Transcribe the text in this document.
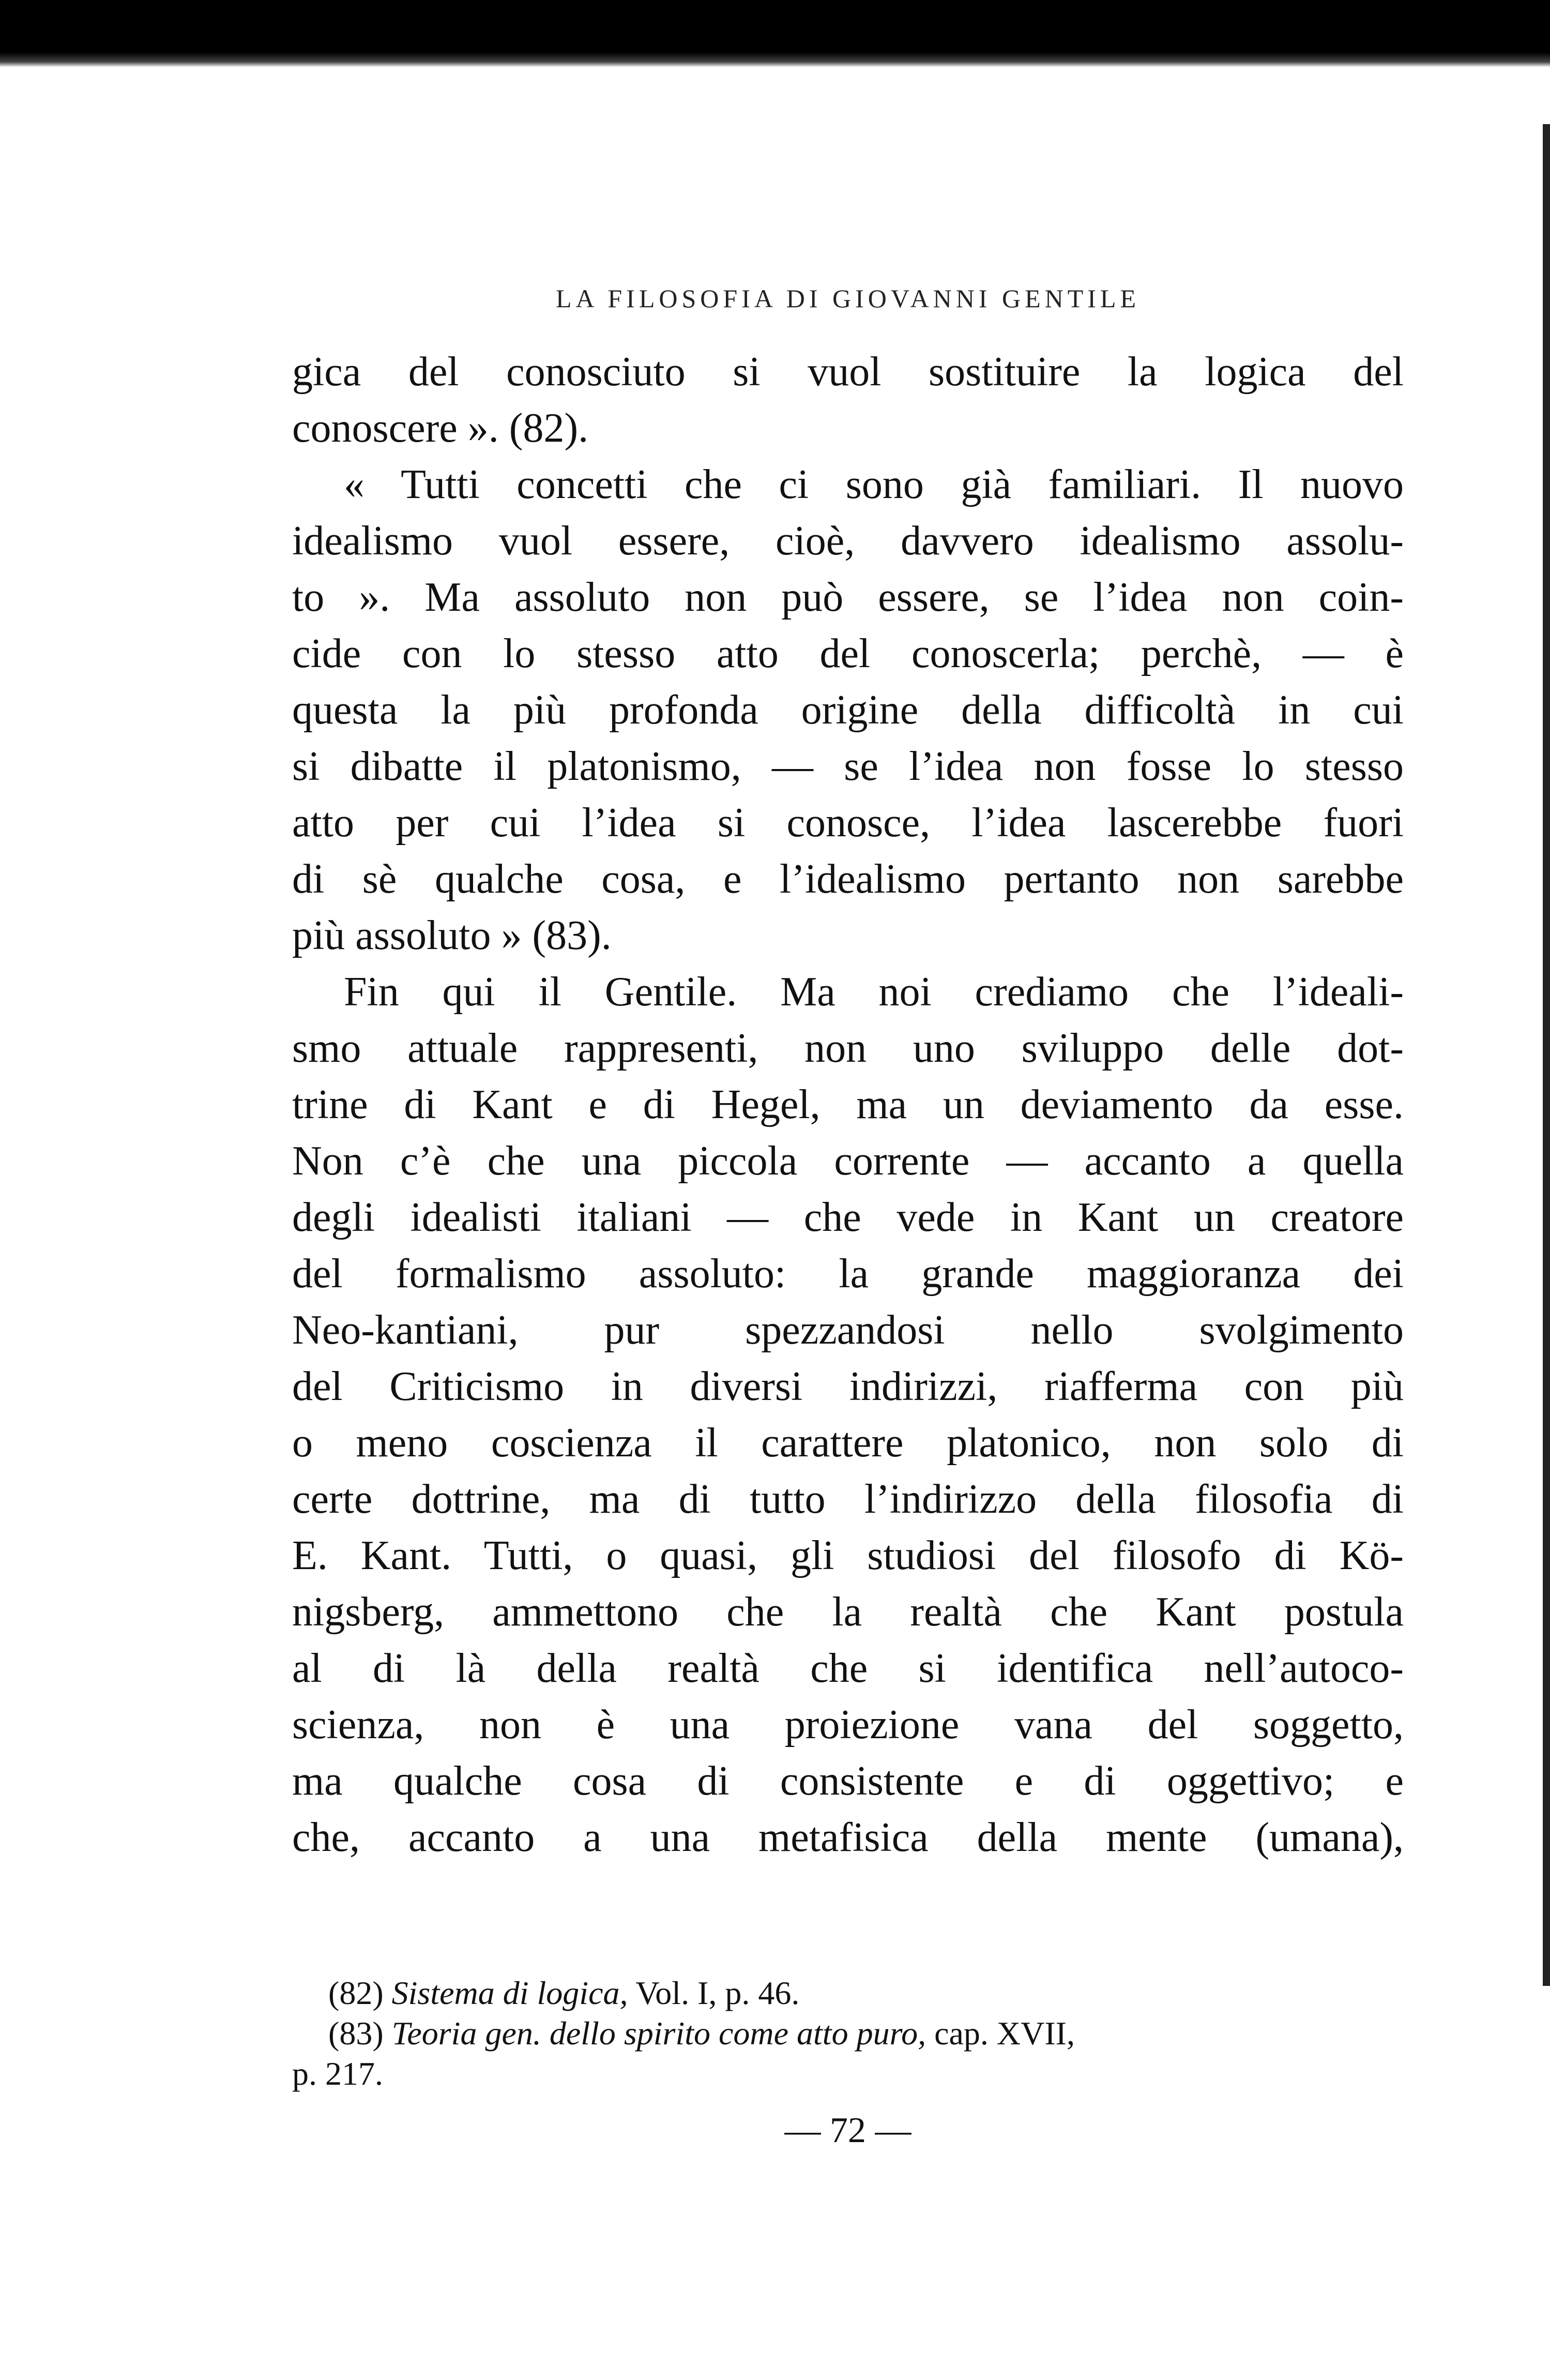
LA FILOSOFIA DI GIOVANNI GENTILE
gica del conosciuto si vuol sostituire la logica del
conoscere ». (82).
« Tutti concetti che ci sono già familiari. Il nuovo
idealismo vuol essere, cioè, davvero idealismo assolu-
to ». Ma assoluto non può essere, se l’idea non coin-
cide con lo stesso atto del conoscerla; perchè, — è
questa la più profonda origine della difficoltà in cui
si dibatte il platonismo, — se l’idea non fosse lo stesso
atto per cui l’idea si conosce, l’idea lascerebbe fuori
di sè qualche cosa, e l’idealismo pertanto non sarebbe
più assoluto » (83).
Fin qui il Gentile. Ma noi crediamo che l’ideali-
smo attuale rappresenti, non uno sviluppo delle dot-
trine di Kant e di Hegel, ma un deviamento da esse.
Non c’è che una piccola corrente — accanto a quella
degli idealisti italiani — che vede in Kant un creatore
del formalismo assoluto: la grande maggioranza dei
Neo-kantiani, pur spezzandosi nello svolgimento
del Criticismo in diversi indirizzi, riafferma con più
o meno coscienza il carattere platonico, non solo di
certe dottrine, ma di tutto l’indirizzo della filosofia di
E. Kant. Tutti, o quasi, gli studiosi del filosofo di Kö-
nigsberg, ammettono che la realtà che Kant postula
al di là della realtà che si identifica nell’autoco-
scienza, non è una proiezione vana del soggetto,
ma qualche cosa di consistente e di oggettivo; e
che, accanto a una metafisica della mente (umana),
(82) Sistema di logica, Vol. I, p. 46.
(83) Teoria gen. dello spirito come atto puro, cap. XVII,
p. 217.
— 72 —
